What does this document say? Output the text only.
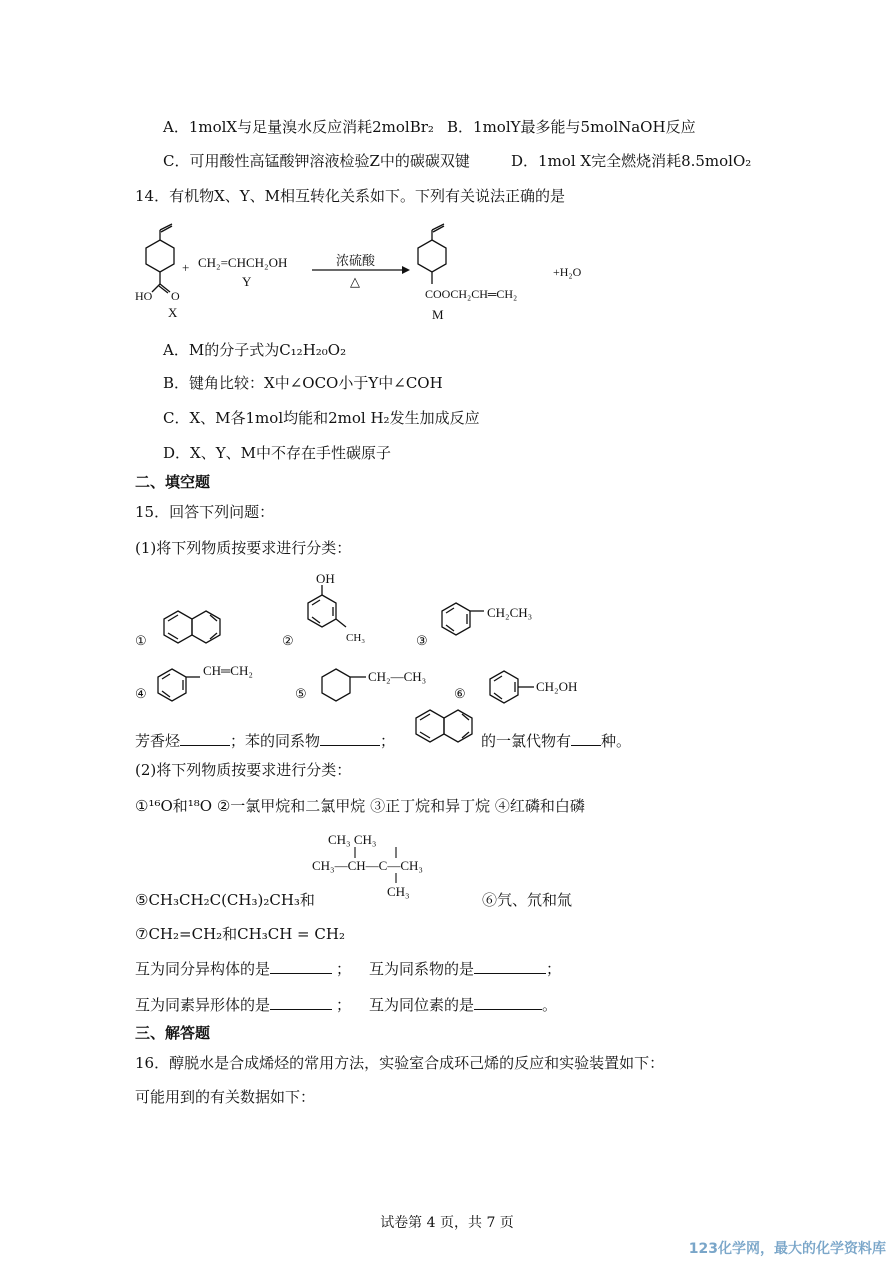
A．1molX与足量溴水反应消耗2molBr₂ B．1molY最多能与5molNaOH反应
C．可用酸性高锰酸钾溶液检验Z中的碳碳双键	D．1mol X完全燃烧消耗8.5molO₂
14．有机物X、Y、M相互转化关系如下。下列有关说法正确的是
HO O
X
+ CH₂=CHCH₂OH
Y
浓硫酸
△
COOCH₂CH═CH₂
M
+H₂O
A．M的分子式为C₁₂H₂₀O₂
B．键角比较：X中∠OCO小于Y中∠COH
C．X、M各1mol均能和2mol H₂发生加成反应
D．X、Y、M中不存在手性碳原子
二、填空题
15．回答下列问题：
(1)将下列物质按要求进行分类：
①	②	③
④	⑤	⑥
OH
CH₃
CH₂CH₃
CH═CH₂	CH₂—CH₃
CH₂OH
芳香烃	；苯的同系物	；	的一氯代物有 种。
(2)将下列物质按要求进行分类：
①¹⁶O和¹⁸O ②一氯甲烷和二氯甲烷 ③正丁烷和异丁烷 ④红磷和白磷
CH₃ CH₃
CH₃—CH—C—CH₃
CH₃
⑤CH₃CH₂C(CH₃)₂CH₃和	⑥氕、氘和氚
⑦CH₂=CH₂和CH₃CH = CH₂
互为同分异构体的是	； 互为同系物的是	；
互为同素异形体的是	； 互为同位素的是	。
三、解答题
16．醇脱水是合成烯烃的常用方法，实验室合成环己烯的反应和实验装置如下：
可能用到的有关数据如下：
试卷第 4 页，共 7 页
123化学网，最大的化学资料库
